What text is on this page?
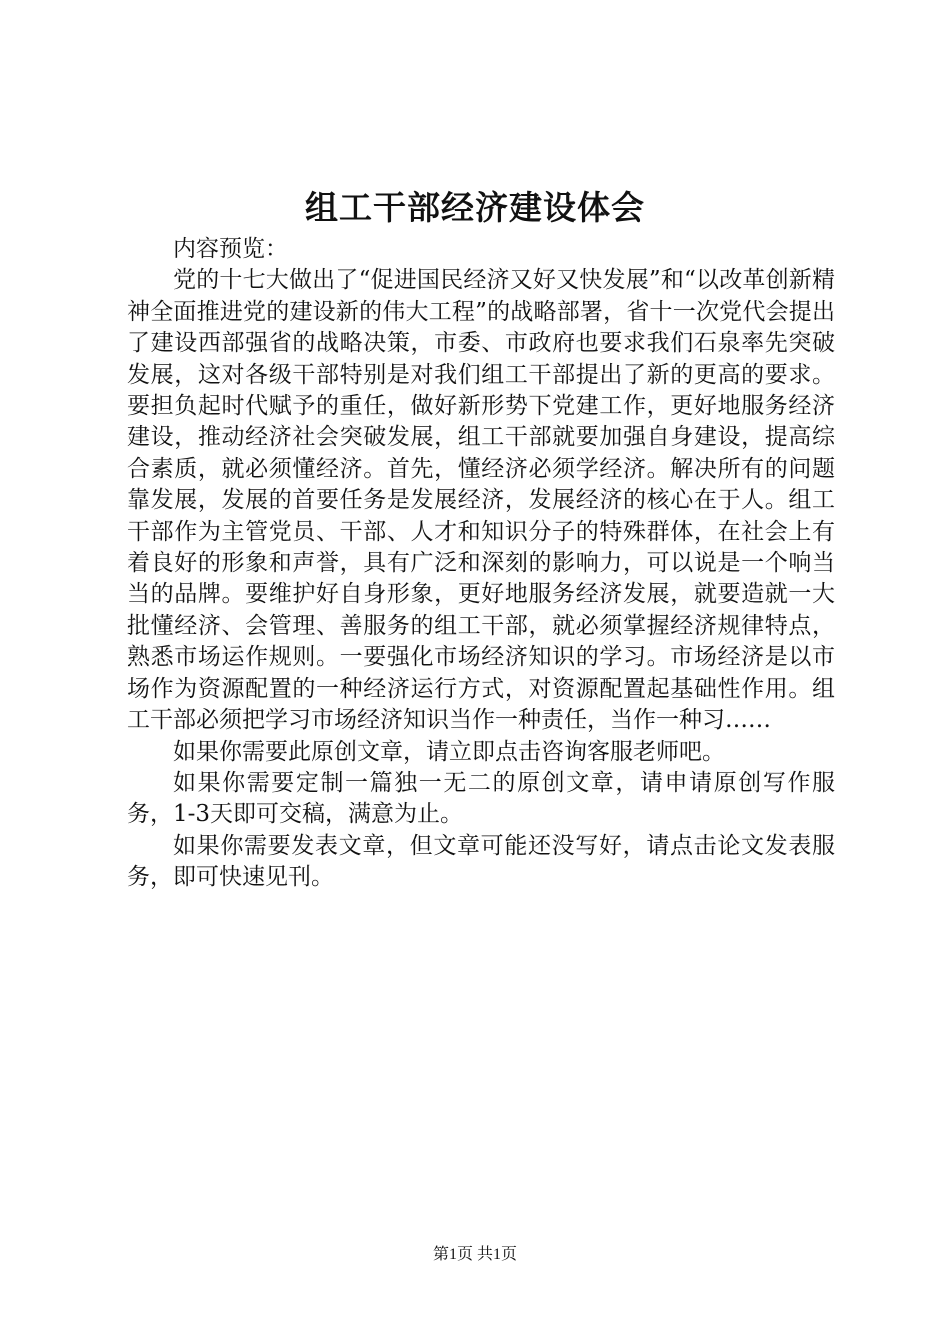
组工干部经济建设体会

内容预览：

党的十七大做出了“促进国民经济又好又快发展”和“以改革创新精神全面推进党的建设新的伟大工程”的战略部署，省十一次党代会提出了建设西部强省的战略决策，市委、市政府也要求我们石泉率先突破发展，这对各级干部特别是对我们组工干部提出了新的更高的要求。要担负起时代赋予的重任，做好新形势下党建工作，更好地服务经济建设，推动经济社会突破发展，组工干部就要加强自身建设，提高综合素质，就必须懂经济。首先，懂经济必须学经济。解决所有的问题靠发展，发展的首要任务是发展经济，发展经济的核心在于人。组工干部作为主管党员、干部、人才和知识分子的特殊群体，在社会上有着良好的形象和声誉，具有广泛和深刻的影响力，可以说是一个响当当的品牌。要维护好自身形象，更好地服务经济发展，就要造就一大批懂经济、会管理、善服务的组工干部，就必须掌握经济规律特点，熟悉市场运作规则。一要强化市场经济知识的学习。市场经济是以市场作为资源配置的一种经济运行方式，对资源配置起基础性作用。组工干部必须把学习市场经济知识当作一种责任，当作一种习……

如果你需要此原创文章，请立即点击咨询客服老师吧。

如果你需要定制一篇独一无二的原创文章，请申请原创写作服务，1-3天即可交稿，满意为止。

如果你需要发表文章，但文章可能还没写好，请点击论文发表服务，即可快速见刊。

第1页 共1页
